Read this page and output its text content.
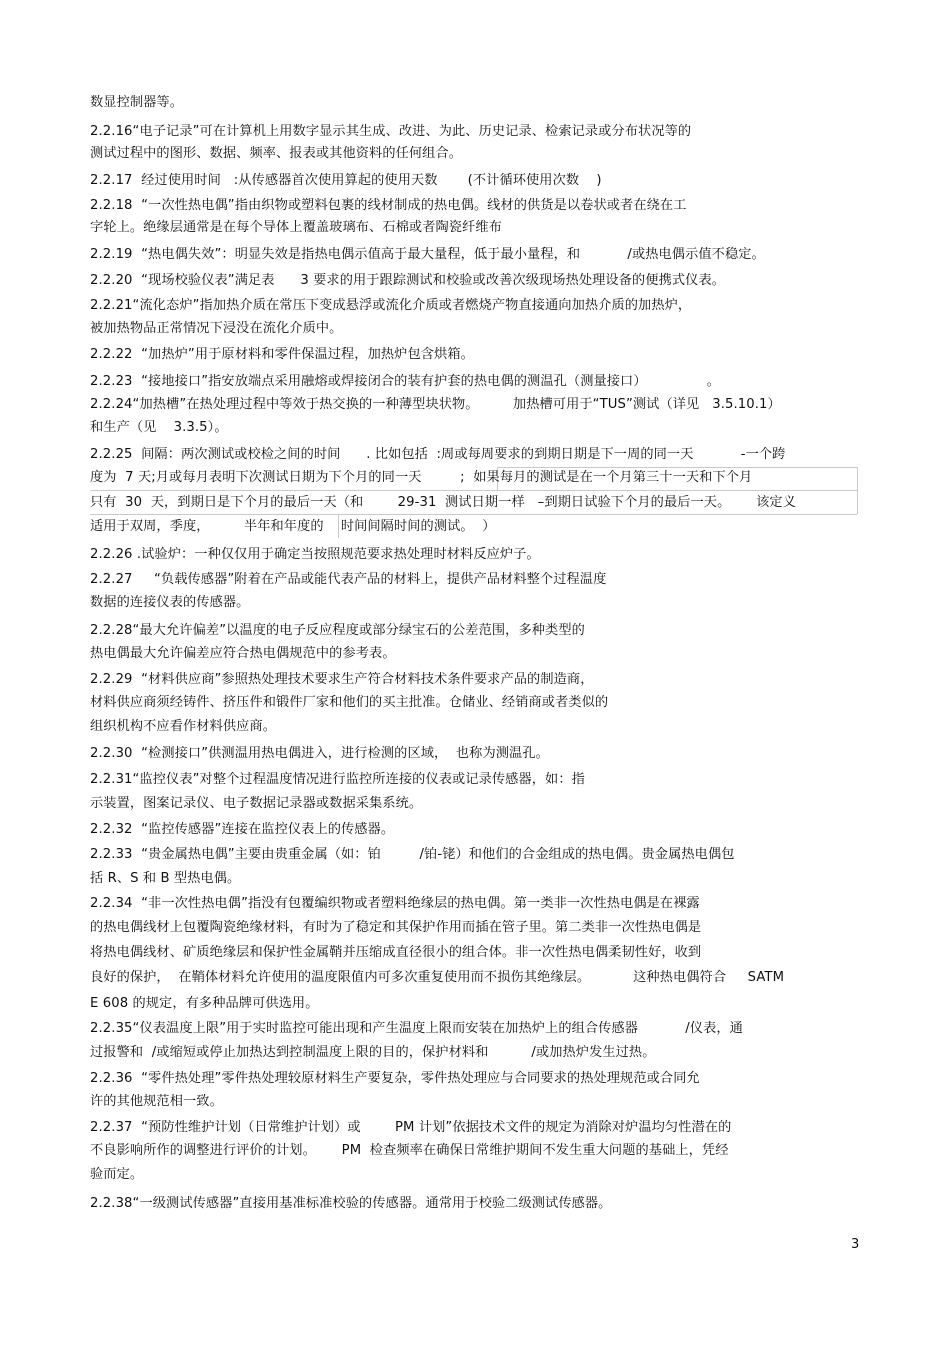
数显控制器等。
2.2.16“电子记录”可在计算机上用数字显示其生成、改进、为此、历史记录、检索记录或分布状况等的
测试过程中的图形、数据、频率、报表或其他资料的任何组合。
2.2.17  经过使用时间   :从传感器首次使用算起的使用天数       (不计循环使用次数    )
2.2.18  “一次性热电偶”指由织物或塑料包裹的线材制成的热电偶。线材的供货是以卷状或者在绕在工
字轮上。绝缘层通常是在每个导体上覆盖玻璃布、石棉或者陶瓷纤维布
2.2.19  “热电偶失效”：明显失效是指热电偶示值高于最大量程，低于最小量程，和           /或热电偶示值不稳定。
2.2.20  “现场校验仪表”满足表      3 要求的用于跟踪测试和校验或改善次级现场热处理设备的便携式仪表。
2.2.21“流化态炉”指加热介质在常压下变成悬浮或流化介质或者燃烧产物直接通向加热介质的加热炉，
被加热物品正常情况下浸没在流化介质中。
2.2.22  “加热炉”用于原材料和零件保温过程，加热炉包含烘箱。
2.2.23  “接地接口”指安放端点采用融熔或焊接闭合的装有护套的热电偶的测温孔（测量接口）              。
2.2.24“加热槽”在热处理过程中等效于热交换的一种薄型块状物。        加热槽可用于“TUS”测试（详见   3.5.10.1）
和生产（见    3.3.5）。
2.2.25  间隔：两次测试或校检之间的时间      . 比如包括  :周或每周要求的到期日期是下一周的同一天           -一个跨
度为  7 天;月或每月表明下次测试日期为下个月的同一天         ;  如果每月的测试是在一个月第三十一天和下个月
只有  30  天，到期日是下个月的最后一天（和        29-31  测试日期一样   –到期日试验下个月的最后一天。      该定义
适用于双周，季度，        半年和年度的    时间间隔时间的测试。  ）
2.2.26 .试验炉：一种仅仅用于确定当按照规范要求热处理时材料反应炉子。
2.2.27     “负载传感器”附着在产品或能代表产品的材料上，提供产品材料整个过程温度
数据的连接仪表的传感器。
2.2.28“最大允许偏差”以温度的电子反应程度或部分绿宝石的公差范围，多种类型的
热电偶最大允许偏差应符合热电偶规范中的参考表。
2.2.29  “材料供应商”参照热处理技术要求生产符合材料技术条件要求产品的制造商，
材料供应商须经铸件、挤压件和锻件厂家和他们的买主批准。仓储业、经销商或者类似的
组织机构不应看作材料供应商。
2.2.30  “检测接口”供测温用热电偶进入，进行检测的区域，  也称为测温孔。
2.2.31“监控仪表”对整个过程温度情况进行监控所连接的仪表或记录传感器，如：指
示装置，图案记录仪、电子数据记录器或数据采集系统。
2.2.32  “监控传感器”连接在监控仪表上的传感器。
2.2.33  “贵金属热电偶”主要由贵重金属（如：铂         /铂-铑）和他们的合金组成的热电偶。贵金属热电偶包
括 R、S 和 B 型热电偶。
2.2.34  “非一次性热电偶”指没有包覆编织物或者塑料绝缘层的热电偶。第一类非一次性热电偶是在裸露
的热电偶线材上包覆陶瓷绝缘材料，有时为了稳定和其保护作用而插在管子里。第二类非一次性热电偶是
将热电偶线材、矿质绝缘层和保护性金属鞘并压缩成直径很小的组合体。非一次性热电偶柔韧性好，收到
良好的保护，  在鞘体材料允许使用的温度限值内可多次重复使用而不损伤其绝缘层。          这种热电偶符合     SATM
E 608 的规定，有多种品牌可供选用。
2.2.35“仪表温度上限”用于实时监控可能出现和产生温度上限而安装在加热炉上的组合传感器           /仪表，通
过报警和  /或缩短或停止加热达到控制温度上限的目的，保护材料和          /或加热炉发生过热。
2.2.36  “零件热处理”零件热处理较原材料生产要复杂，零件热处理应与合同要求的热处理规范或合同允
许的其他规范相一致。
2.2.37  “预防性维护计划（日常维护计划）或        PM 计划”依据技术文件的规定为消除对炉温均匀性潜在的
不良影响所作的调整进行评价的计划。      PM  检查频率在确保日常维护期间不发生重大问题的基础上，凭经
验而定。
2.2.38“一级测试传感器”直接用基准标准校验的传感器。通常用于校验二级测试传感器。
3
